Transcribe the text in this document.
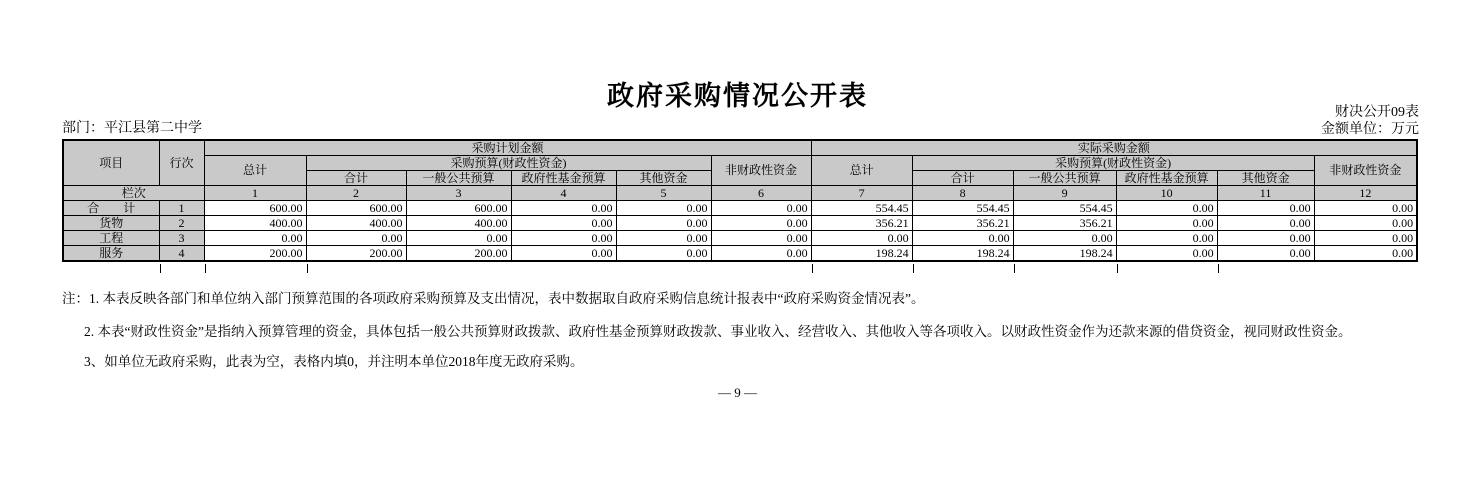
政府采购情况公开表
财决公开09表
金额单位：万元
部门：平江县第二中学
项目	行次	采购计划金额						实际采购金额					
		总计	采购预算(财政性资金)				非财政性资金	总计	采购预算(财政性资金)				非财政性资金
			合计	一般公共预算	政府性基金预算	其他资金			合计	一般公共预算	政府性基金预算	其他资金	
栏次		1	2	3	4	5	6	7	8	9	10	11	12
合　　计	1	600.00	600.00	600.00	0.00	0.00	0.00	554.45	554.45	554.45	0.00	0.00	0.00
货物	2	400.00	400.00	400.00	0.00	0.00	0.00	356.21	356.21	356.21	0.00	0.00	0.00
工程	3	0.00	0.00	0.00	0.00	0.00	0.00	0.00	0.00	0.00	0.00	0.00	0.00
服务	4	200.00	200.00	200.00	0.00	0.00	0.00	198.24	198.24	198.24	0.00	0.00	0.00
注：1. 本表反映各部门和单位纳入部门预算范围的各项政府采购预算及支出情况，表中数据取自政府采购信息统计报表中“政府采购资金情况表”。
2. 本表“财政性资金”是指纳入预算管理的资金，具体包括一般公共预算财政拨款、政府性基金预算财政拨款、事业收入、经营收入、其他收入等各项收入。以财政性资金作为还款来源的借贷资金，视同财政性资金。
3、如单位无政府采购，此表为空，表格内填0，并注明本单位2018年度无政府采购。
— 9 —
